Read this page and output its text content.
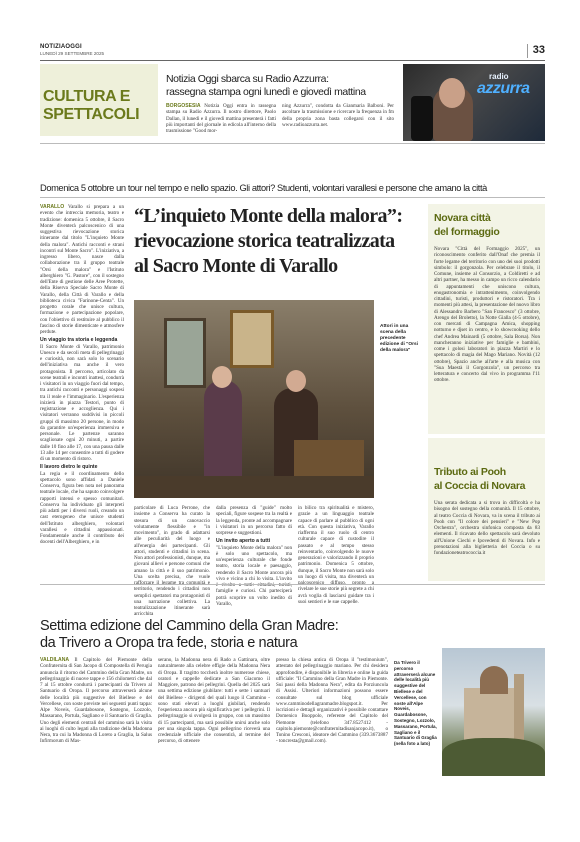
NOTIZIAOGGI
LUNEDÌ 29 SETTEMBRE 2025	33
CULTURA E
SPETTACOLI
Notizia Oggi sbarca su Radio Azzurra:
rassegna stampa ogni lunedì e giovedì mattina
BORGOSESIA Notizia Oggi entra in rassegna stampa su Radio Azzurra. Il nostro direttore, Paolo Dallan, il lunedì e il giovedì mattina presenterà i fatti più importanti del giornale in edicola all'interno della trasmissione "Good mor-
ning Azzurra", condotta da Gianmaria Balboni. Per ascoltare la trasmissione e ricercare la frequenza in fm della propria zona basta collegarsi con il sito www.radioazzurra.net.
radio
azzurra
Domenica 5 ottobre un tour nel tempo e nello spazio. Gli attori? Studenti, volontari varallesi e persone che amano la città
“L’inquieto Monte della malora”:
rievocazione storica teatralizzata
al Sacro Monte di Varallo

VARALLO Varallo si prepara a un evento che intreccia memoria, teatro e tradizione: domenica 5 ottobre, il Sacro Monte diventerà palcoscenico di una suggestiva rievocazione storica itinerante dal titolo "L'inquieto Monte della malora". Antichi racconti e strani incontri sul Monte Sacro". L'iniziativa, a ingresso libero, nasce dalla collaborazione tra il gruppo teatrale "Orsi della malora" e l'Istituto alberghiero "G. Pastore", con il sostegno dell'Ente di gestione delle Aree Protette, della Riserva Speciale Sacro Monte di Varallo, della Città di Varallo e della biblioteca civica "Farinone-Centa". Un progetto corale che unisce cultura, formazione e partecipazione popolare, con l'obiettivo di restituire al pubblico il fascino di storie dimenticate e atmosfere perdute.

Un viaggio tra storia e leggenda

Il Sacro Monte di Varallo, patrimonio Unesco e da secoli meta di pellegrinaggi e curiosità, non sarà solo lo scenario dell'iniziativa ma anche il vero protagonista. Il percorso, articolato da scene teatrali e incontri inattesi, condurrà i visitatori in un viaggio fuori dal tempo, tra antichi racconti e personaggi sospesi tra il reale e l'immaginario. L'esperienza inizierà in piazza Testori, punto di registrazione e accoglienza. Qui i visitatori verranno suddivisi in piccoli gruppi di massimo 20 persone, in modo da garantire un'esperienza immersiva e personale. Le partenze saranno scaglionate ogni 20 minuti, a partire dalle 10 fino alle 17, con una pausa dalle 13 alle 14 per consentire a tutti di godere di un momento di ristoro.

Il lavoro dietro le quinte

La regia e il coordinamento dello spettacolo sono affidati a Daniele Conserva, figura ben nota nel panorama teatrale locale, che ha saputo coinvolgere rapporti intensi e spesso comunitari. Conserva ha individuato gli interpreti più adatti per i diversi ruoli, creando un cast eterogeneo che unisce studenti dell'Istituto alberghiero, volontari varallesi e cittadini appassionati. Fondamentale anche il contributo dei docenti dell'Alberghiero, e in

Attori in una scena della precedente edizione di "Orsi della malora"
particolare di Luca Perrone, che insieme a Conserva ha curato la stesura di un canovaccio volutamente flessibile e "in movimento", in grado di adattarsi alle peculiarità del luogo e all'energia dei partecipanti. Gli attori, studenti e cittadini in scena. Non attori professionisti, dunque, ma giovani allievi e persone comuni che amano la città e il suo patrimonio. Una scelta precisa, che vuole rafforzare il legame tra comunità e territorio, rendendo i cittadini non semplici spettatori ma protagonisti di una narrazione collettiva. La teatralizzazione itinerante sarà arricchita

dalla presenza di "guide" molto speciali, figure sospese tra la realtà e la leggenda, pronte ad accompagnare i visitatori in un percorso fatto di sorprese e suggestioni.

Un invito aperto a tutti

"L'inquieto Monte della malora" non è solo uno spettacolo, ma un'esperienza culturale che fonde teatro, storia locale e paesaggio, rendendo il Sacro Monte ancora più vivo e vicino a chi lo visita. L'invito è rivolto a tutti: cittadini, turisti, famiglie e curiosi. Chi parteciperà potrà scoprire un volto inedito di Varallo,

in bilico tra spiritualità e mistero, grazie a un linguaggio teatrale capace di parlare al pubblico di ogni età. Con questa iniziativa, Varallo riafferma il suo ruolo di centro culturale capace di custodire il passato e al tempo stesso reinventarlo, coinvolgendo le nuove generazioni e valorizzando il proprio patrimonio. Domenica 5 ottobre, dunque, il Sacro Monte non sarà solo un luogo di visita, ma diventerà un palcoscenico diffuso, pronto a rivelare le sue storie più segrete a chi avrà voglia di lasciarsi guidare tra i suoi sentieri e le sue cappelle.
Novara città
del formaggio
Novara "Città del Formaggio 2025", un riconoscimento conferito dall'Onaf che premia il forte legame del territorio con uno dei suoi prodotti simbolo: il gorgonzola. Per celebrare il titolo, il Comune, insieme al Consorzio, a Coldiretti e ad altri partner, ha messo in campo un ricco calendario di appuntamenti che uniscono cultura, enogastronomia e intrattenimento, coinvolgendo cittadini, turisti, produttori e ristoratori. Tra i momenti più attesi, la presentazione del nuovo libro di Alessandro Barbero "San Francesco" (3 ottobre, Arengo del Broletto), la Notte Gialla (4-5 ottobre), con mercati di Campagna Amica, shopping notturno e djset in centro, e lo showcooking dello chef Andrea Mainardi (5 ottobre, Sala Borsa). Non mancheranno iniziative per famiglie e bambini, come i golosi laboratori in piazza Martiri e lo spettacolo di magia del Mago Mariano. Novità (12 ottobre), Spazio anche all'arte e alla musica con "Sua Maestà il Gorgonzola", un percorso tra letteratura e concerto dal vivo in programma l'11 ottobre.
Tributo ai Pooh
al Coccia di Novara
Una serata dedicata a si trova in difficoltà e ha bisogno del sostegno della comunità. Il 15 ottobre, al teatro Coccia di Novara, va in scena il tributo ai Pooh con "Il colore dei pensieri" e "New Pop Orchestra", orchestra sinfonica composta da 83 elementi. Il ricavato dello spettacolo sarà devoluto all'Unione Ciechi e Ipovedenti di Novara. Info e prenotazioni alla biglietteria del Coccia o su fondazioneteatrococcia.it
Settima edizione del Cammino della Gran Madre:
da Trivero a Oropa tra fede, storia e natura
VALDILANA Il Capitolo del Piemonte della Confraternita di San Jacopo di Compostella di Perugia annuncia il ritorno del Cammino della Gran Madre, un pellegrinaggio di nuove tappe e 156 chilometri che dal 7 al 15 ottobre condurrà i partecipanti da Trivero al Santuario di Oropa. Il percorso attraverserà alcune delle località più suggestive del Biellese e del Vercellese, con soste previste nei seguenti punti tappa: Alpe Noveis, Guardabosone, Sostegno, Lozzolo, Massarano, Portula, Sagliano e il Santuario di Graglia. Uno degli elementi centrali del cammino sarà la visita ai luoghi di culto legati alla tradizione della Madonna Nera, tra cui la Madonna di Loreto a Graglia, la Salus Infirmorum di Mas-
serano, la Madonna nera di Rado a Gattinara, oltre naturalmente alla celebre effigie della Madonna Nera di Oropa. Il tragitto toccherà inoltre numerose chiese, oratori e cappelle dedicate a San Giacomo il Maggiore, patrono dei pellegrini. Quella del 2025 sarà una settima edizione giubilare: tutti e sette i santuari del Biellese - dirigenti del quali luogo il Cammino - sono stati elevati a luoghi giubilari, rendendo l'esperienza ancora più significativa per i pellegrini. Il pellegrinaggio si svolgerà in gruppo, con un massimo di 15 partecipanti, ma sarà possibile unirsi anche solo per una singola tappa. Ogni pellegrino riceverà una credenziale ufficiale che consentirà, al termine del percorso, di ottenere
presso la chiesa antica di Oropa il "testimonium", attestato del pellegrinaggio mariano. Per chi desidera approfondire, è disponibile in libreria e online la guida ufficiale: "Il Cammino della Gran Madre in Piemonte. Sui passi della Madonna Nera", edita da Porziuncola di Assisi. Ulteriori informazioni possono essere consultate sul blog ufficiale www.camminodellagranmadre.blogspot.it. Per iscrizioni e dettagli organizzativi è possibile contattare Domenico Buoppolo, referente del Capitolo del Piemonte (telefono 347.8527412 - capitolo.piemonte@confraternitadisanjacopo.it), o Tonino Cresconi, ideatore del Cammino (339.3673887 - toncresta@gmail.com).
Da Trivero il percorso attraverserà alcune delle località più suggestive del Biellese e del Vercellese, con soste all'Alpe Noveis, Guardabosone, Sostegno, Lozzolo, Massarano, Portula, Sagliano e il Santuario di Graglia (nella foto a lato)
